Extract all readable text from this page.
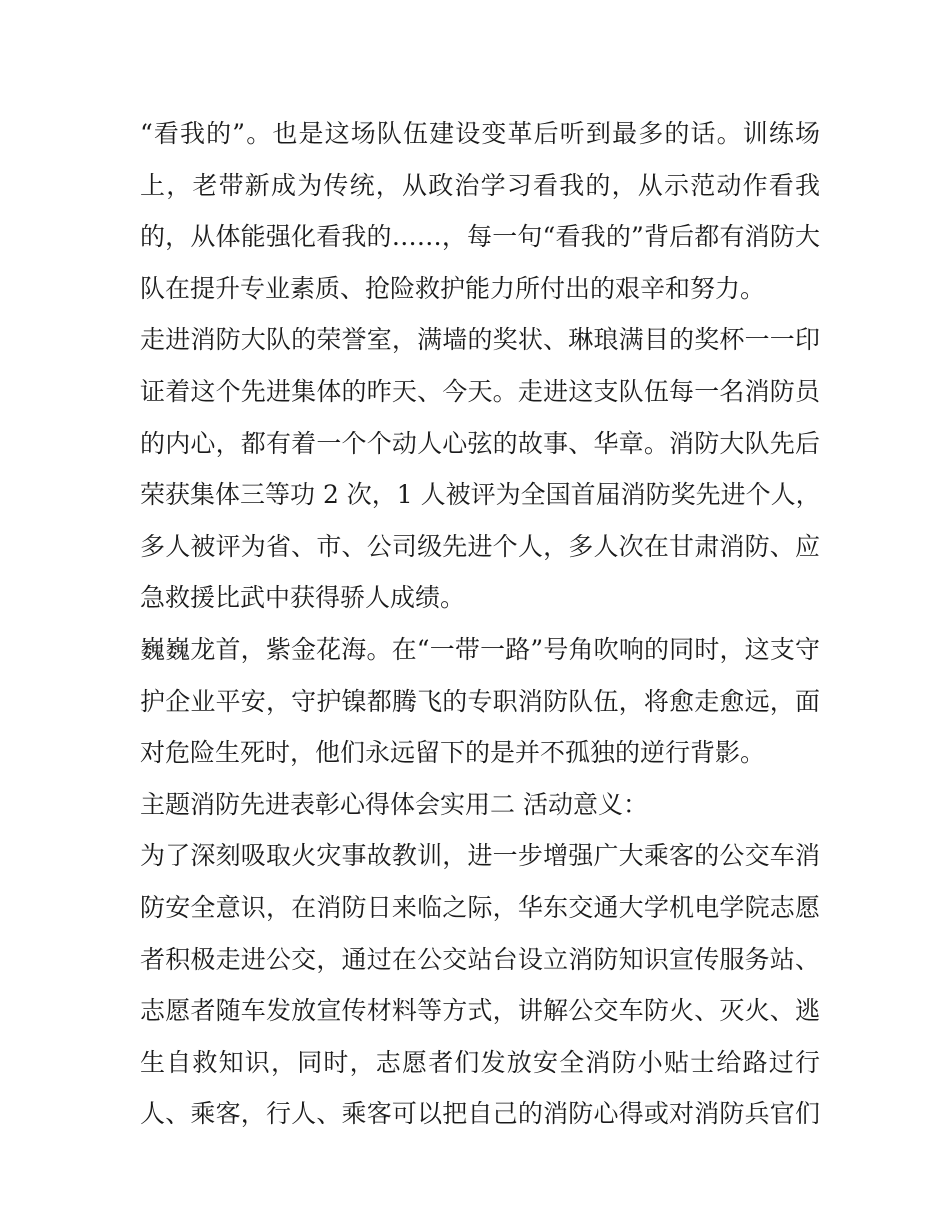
“看我的”。也是这场队伍建设变革后听到最多的话。训练场
上，老带新成为传统，从政治学习看我的，从示范动作看我
的，从体能强化看我的……，每一句“看我的”背后都有消防大
队在提升专业素质、抢险救护能力所付出的艰辛和努力。
走进消防大队的荣誉室，满墙的奖状、琳琅满目的奖杯一一印
证着这个先进集体的昨天、今天。走进这支队伍每一名消防员
的内心，都有着一个个动人心弦的故事、华章。消防大队先后
荣获集体三等功 2 次，1 人被评为全国首届消防奖先进个人，
多人被评为省、市、公司级先进个人，多人次在甘肃消防、应
急救援比武中获得骄人成绩。
巍巍龙首，紫金花海。在“一带一路”号角吹响的同时，这支守
护企业平安，守护镍都腾飞的专职消防队伍，将愈走愈远，面
对危险生死时，他们永远留下的是并不孤独的逆行背影。
主题消防先进表彰心得体会实用二 活动意义：
为了深刻吸取火灾事故教训，进一步增强广大乘客的公交车消
防安全意识，在消防日来临之际，华东交通大学机电学院志愿
者积极走进公交，通过在公交站台设立消防知识宣传服务站、
志愿者随车发放宣传材料等方式，讲解公交车防火、灭火、逃
生自救知识，同时，志愿者们发放安全消防小贴士给路过行
人、乘客，行人、乘客可以把自己的消防心得或对消防兵官们
